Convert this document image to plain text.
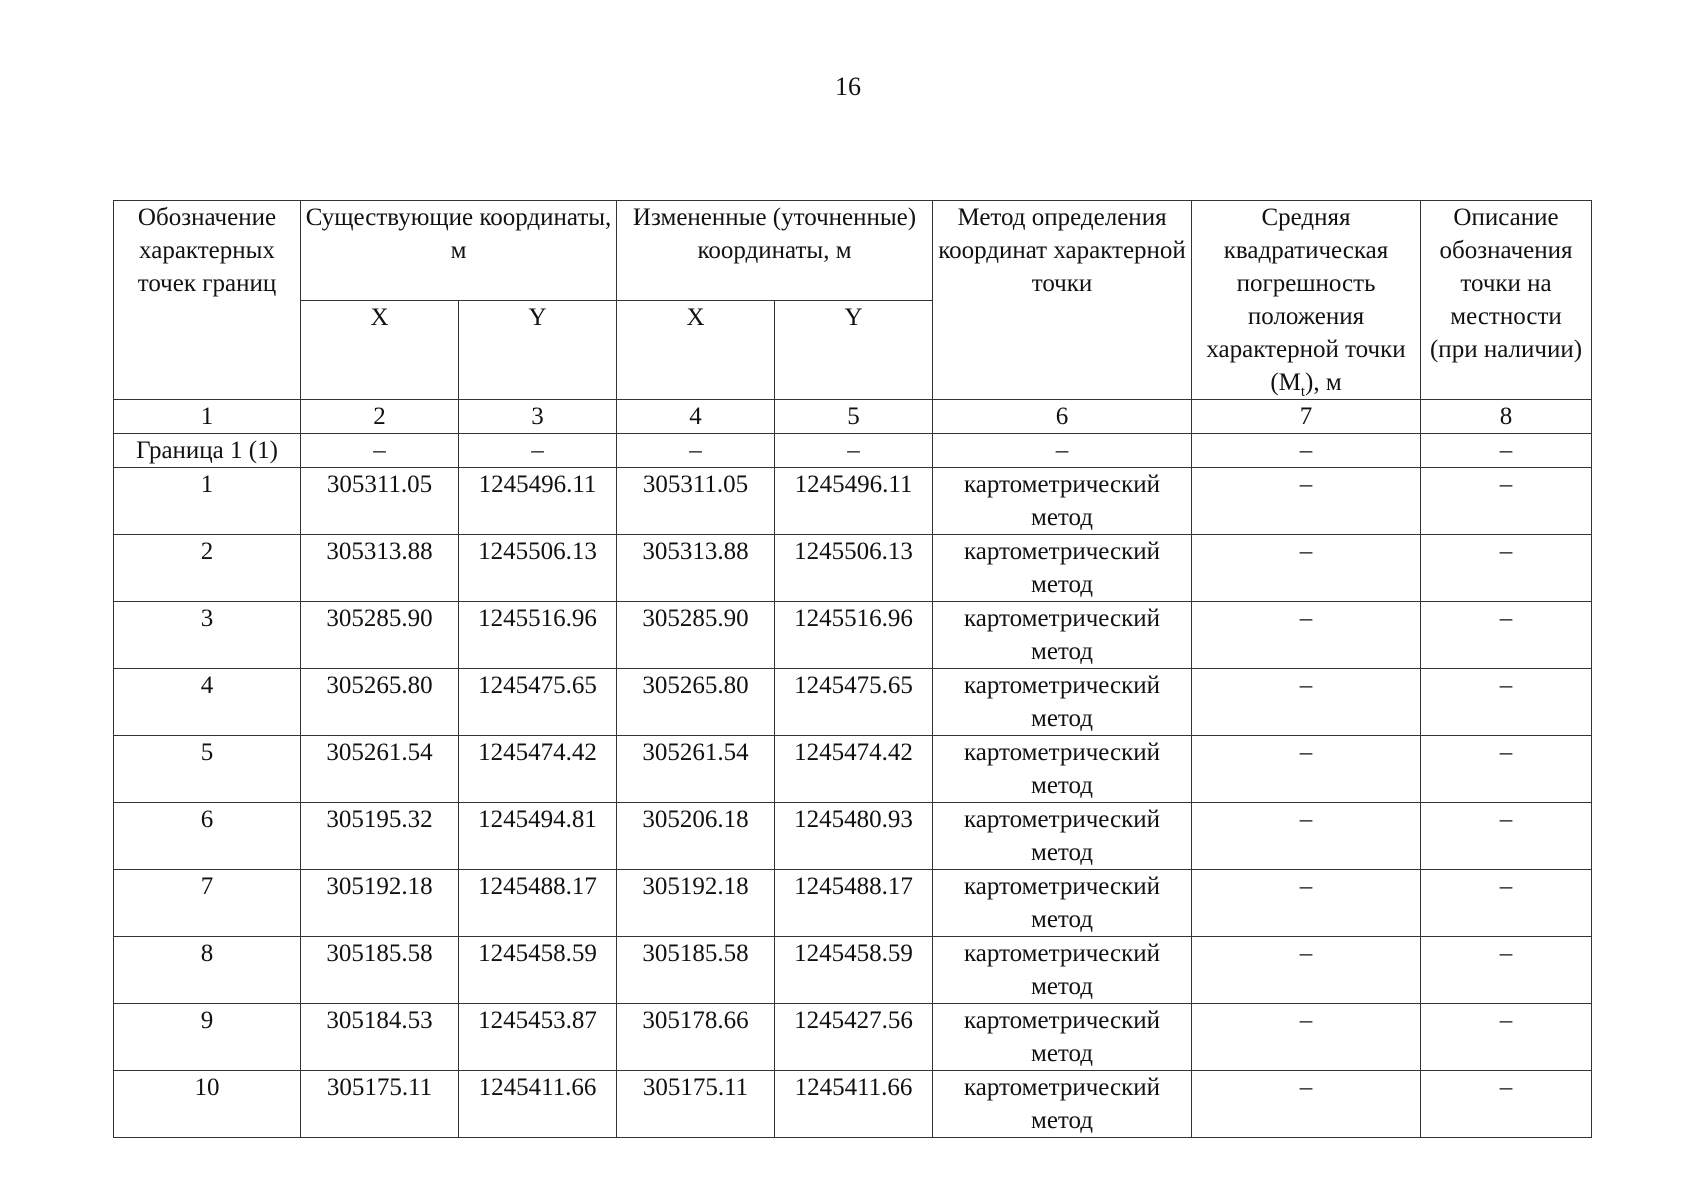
16
Обозначение характерных точек границ	Существующие координаты, м		Измененные (уточненные) координаты, м		Метод определения координат характерной точки	Средняя квадратическая погрешность положения характерной точки $(M_t)$, м	Описание обозначения точки на местности (при наличии)
	X	Y	X	Y			
1	2	3	4	5	6	7	8
Граница 1 (1)	–	–	–	–	–	–	–
1	305311.05	1245496.11	305311.05	1245496.11	картометрический метод	–	–
2	305313.88	1245506.13	305313.88	1245506.13	картометрический метод	–	–
3	305285.90	1245516.96	305285.90	1245516.96	картометрический метод	–	–
4	305265.80	1245475.65	305265.80	1245475.65	картометрический метод	–	–
5	305261.54	1245474.42	305261.54	1245474.42	картометрический метод	–	–
6	305195.32	1245494.81	305206.18	1245480.93	картометрический метод	–	–
7	305192.18	1245488.17	305192.18	1245488.17	картометрический метод	–	–
8	305185.58	1245458.59	305185.58	1245458.59	картометрический метод	–	–
9	305184.53	1245453.87	305178.66	1245427.56	картометрический метод	–	–
10	305175.11	1245411.66	305175.11	1245411.66	картометрический метод	–	–
